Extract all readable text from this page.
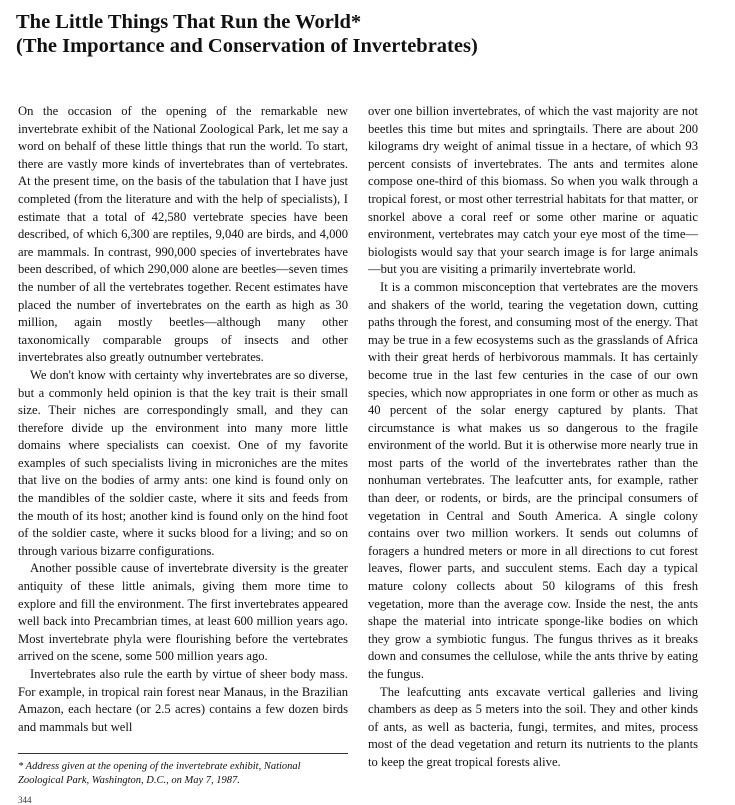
The Little Things That Run the World*
(The Importance and Conservation of Invertebrates)

On the occasion of the opening of the remarkable new invertebrate exhibit of the National Zoological Park, let me say a word on behalf of these little things that run the world. To start, there are vastly more kinds of invertebrates than of vertebrates. At the present time, on the basis of the tabulation that I have just completed (from the literature and with the help of specialists), I estimate that a total of 42,580 vertebrate species have been described, of which 6,300 are reptiles, 9,040 are birds, and 4,000 are mammals. In contrast, 990,000 species of invertebrates have been described, of which 290,000 alone are beetles—seven times the number of all the vertebrates together. Recent estimates have placed the number of invertebrates on the earth as high as 30 million, again mostly beetles—although many other taxonomically comparable groups of insects and other invertebrates also greatly outnumber vertebrates.

We don't know with certainty why invertebrates are so diverse, but a commonly held opinion is that the key trait is their small size. Their niches are correspondingly small, and they can therefore divide up the environment into many more little domains where specialists can coexist. One of my favorite examples of such specialists living in microniches are the mites that live on the bodies of army ants: one kind is found only on the mandibles of the soldier caste, where it sits and feeds from the mouth of its host; another kind is found only on the hind foot of the soldier caste, where it sucks blood for a living; and so on through various bizarre configurations.

Another possible cause of invertebrate diversity is the greater antiquity of these little animals, giving them more time to explore and fill the environment. The first invertebrates appeared well back into Precambrian times, at least 600 million years ago. Most invertebrate phyla were flourishing before the vertebrates arrived on the scene, some 500 million years ago.

Invertebrates also rule the earth by virtue of sheer body mass. For example, in tropical rain forest near Manaus, in the Brazilian Amazon, each hectare (or 2.5 acres) contains a few dozen birds and mammals but well

over one billion invertebrates, of which the vast majority are not beetles this time but mites and springtails. There are about 200 kilograms dry weight of animal tissue in a hectare, of which 93 percent consists of invertebrates. The ants and termites alone compose one-third of this biomass. So when you walk through a tropical forest, or most other terrestrial habitats for that matter, or snorkel above a coral reef or some other marine or aquatic environment, vertebrates may catch your eye most of the time—biologists would say that your search image is for large animals—but you are visiting a primarily invertebrate world.

It is a common misconception that vertebrates are the movers and shakers of the world, tearing the vegetation down, cutting paths through the forest, and consuming most of the energy. That may be true in a few ecosystems such as the grasslands of Africa with their great herds of herbivorous mammals. It has certainly become true in the last few centuries in the case of our own species, which now appropriates in one form or other as much as 40 percent of the solar energy captured by plants. That circumstance is what makes us so dangerous to the fragile environment of the world. But it is otherwise more nearly true in most parts of the world of the invertebrates rather than the nonhuman vertebrates. The leafcutter ants, for example, rather than deer, or rodents, or birds, are the principal consumers of vegetation in Central and South America. A single colony contains over two million workers. It sends out columns of foragers a hundred meters or more in all directions to cut forest leaves, flower parts, and succulent stems. Each day a typical mature colony collects about 50 kilograms of this fresh vegetation, more than the average cow. Inside the nest, the ants shape the material into intricate sponge-like bodies on which they grow a symbiotic fungus. The fungus thrives as it breaks down and consumes the cellulose, while the ants thrive by eating the fungus.

The leafcutting ants excavate vertical galleries and living chambers as deep as 5 meters into the soil. They and other kinds of ants, as well as bacteria, fungi, termites, and mites, process most of the dead vegetation and return its nutrients to the plants to keep the great tropical forests alive.

* Address given at the opening of the invertebrate exhibit, National Zoological Park, Washington, D.C., on May 7, 1987.
344
